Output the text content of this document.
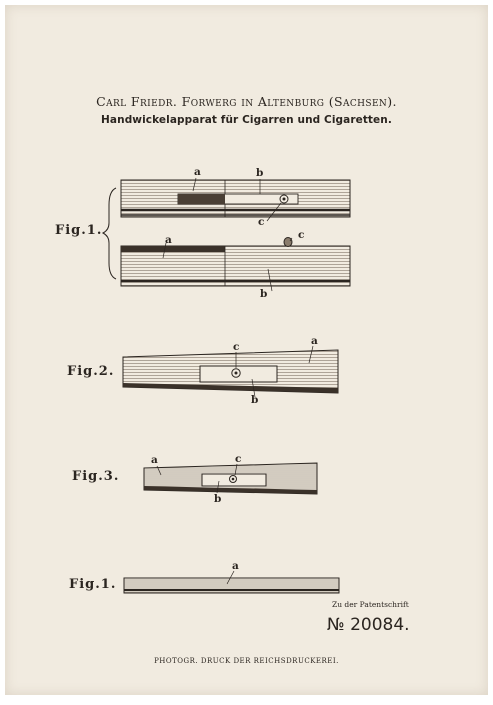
Carl Friedr. Forwerg in Altenburg (Sachsen).
Handwickelapparat für Cigarren und Cigaretten.
Fig.1.
Fig.2.
Fig.3.
Fig.1.
a	b
c
a	c
b
c	a
b
a	c
b
a
Zu der Patentschrift
№ 20084.
PHOTOGR. DRUCK DER REICHSDRUCKEREI.
